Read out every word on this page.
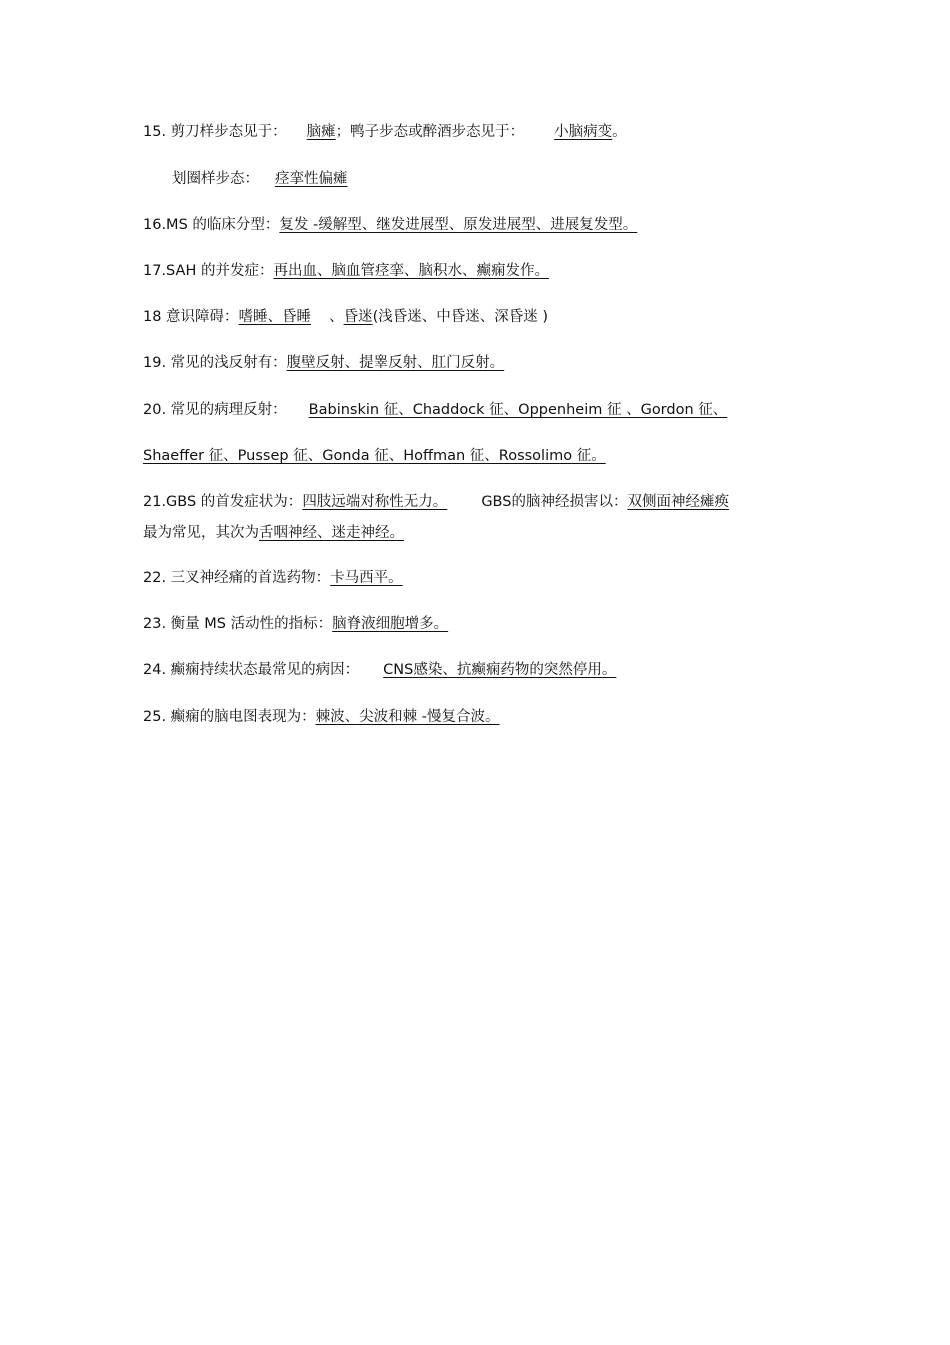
15. 剪刀样步态见于： 脑瘫；鸭子步态或醉酒步态见于： 小脑病变。
划圈样步态： 痉挛性偏瘫
16.MS 的临床分型：复发 -缓解型、继发进展型、原发进展型、进展复发型。
17.SAH 的并发症：再出血、脑血管痉挛、脑积水、癫痫发作。
18 意识障碍：嗜睡、昏睡 、昏迷(浅昏迷、中昏迷、深昏迷 )
19. 常见的浅反射有：腹壁反射、提睾反射、肛门反射。
20. 常见的病理反射： Babinskin 征、Chaddock 征、Oppenheim 征 、Gordon 征、
Shaeffer 征、Pussep 征、Gonda 征、Hoffman 征、Rossolimo 征。
21.GBS 的首发症状为：四肢远端对称性无力。 GBS的脑神经损害以：双侧面神经瘫痪
最为常见，其次为舌咽神经、迷走神经。
22. 三叉神经痛的首选药物：卡马西平。
23. 衡量 MS 活动性的指标：脑脊液细胞增多。
24. 癫痫持续状态最常见的病因： CNS感染、抗癫痫药物的突然停用。
25. 癫痫的脑电图表现为：棘波、尖波和棘 -慢复合波。
